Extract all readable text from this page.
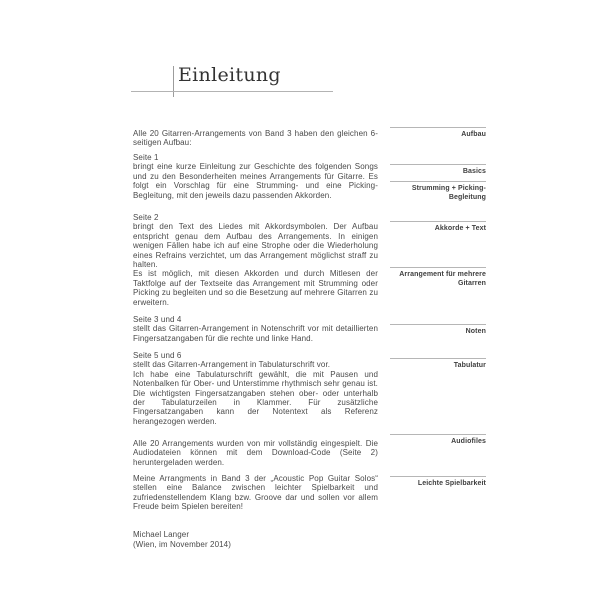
Einleitung

Alle 20 Gitarren-Arrangements von Band 3 haben den gleichen 6-seitigen Aufbau:

Seite 1

bringt eine kurze Einleitung zur Geschichte des folgenden Songs und zu den Besonderheiten meines Arrangements für Gitarre. Es folgt ein Vorschlag für eine Strumming- und eine Picking-Begleitung, mit den jeweils dazu passenden Akkorden.

Seite 2

bringt den Text des Liedes mit Akkordsymbolen. Der Aufbau entspricht genau dem Aufbau des Arrangements. In einigen wenigen Fällen habe ich auf eine Strophe oder die Wiederholung eines Refrains verzichtet, um das Arrangement möglichst straff zu halten.

Es ist möglich, mit diesen Akkorden und durch Mitlesen der Taktfolge auf der Textseite das Arrangement mit Strumming oder Picking zu begleiten und so die Besetzung auf mehrere Gitarren zu erweitern.

Seite 3 und 4

stellt das Gitarren-Arrangement in Notenschrift vor mit detaillierten Fingersatzangaben für die rechte und linke Hand.

Seite 5 und 6

stellt das Gitarren-Arrangement in Tabulaturschrift vor.

Ich habe eine Tabulaturschrift gewählt, die mit Pausen und Notenbalken für Ober- und Unterstimme rhythmisch sehr genau ist. Die wichtigsten Fingersatzangaben stehen ober- oder unterhalb der Tabulaturzeilen in Klammer. Für zusätzliche Fingersatzangaben kann der Notentext als Referenz herangezogen werden.

Alle 20 Arrangements wurden von mir vollständig eingespielt. Die Audiodateien können mit dem Download-Code (Seite 2) heruntergeladen werden.

Meine Arrangments in Band 3 der „Acoustic Pop Guitar Solos“ stellen eine Balance zwischen leichter Spielbarkeit und zufriedenstellendem Klang bzw. Groove dar und sollen vor allem Freude beim Spielen bereiten!

Michael Langer
(Wien, im November 2014)
Aufbau
Basics
Strumming + Picking-Begleitung
Akkorde + Text
Arrangement für mehrere Gitarren
Noten
Tabulatur
Audiofiles
Leichte Spielbarkeit
